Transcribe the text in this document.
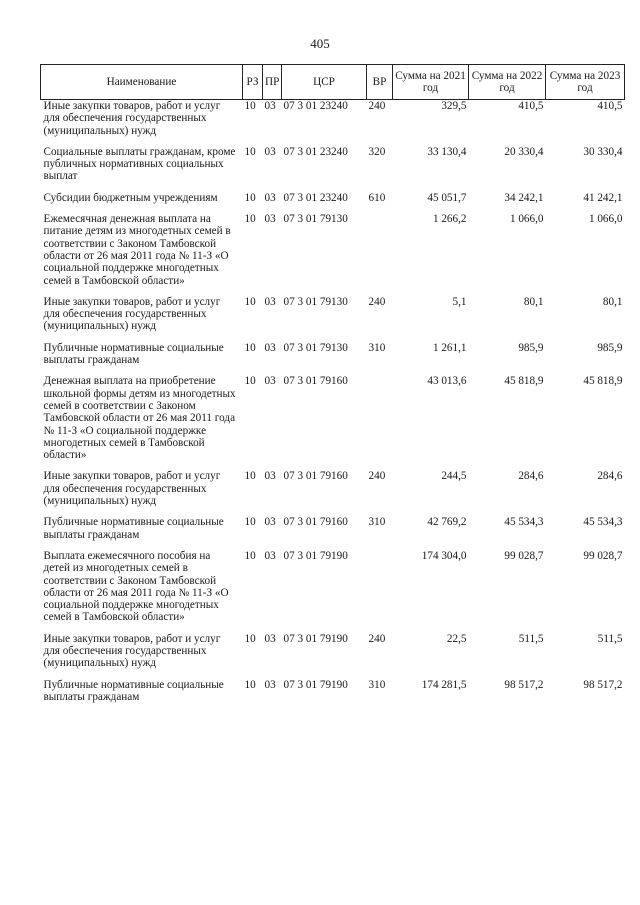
405
Наименование	РЗ	ПР	ЦСР	ВР	Сумма на 2021 год	Сумма на 2022 год	Сумма на 2023 год
Иные закупки товаров, работ и услуг для обеспечения государственных (муниципальных) нужд	10	03	07 3 01 23240	240	329,5	410,5	410,5
Социальные выплаты гражданам, кроме публичных нормативных социальных выплат	10	03	07 3 01 23240	320	33 130,4	20 330,4	30 330,4
Субсидии бюджетным учреждениям	10	03	07 3 01 23240	610	45 051,7	34 242,1	41 242,1
Ежемесячная денежная выплата на питание детям из многодетных семей в соответствии с Законом Тамбовской области от 26 мая 2011 года № 11-З «О социальной поддержке многодетных семей в Тамбовской области»	10	03	07 3 01 79130		1 266,2	1 066,0	1 066,0
Иные закупки товаров, работ и услуг для обеспечения государственных (муниципальных) нужд	10	03	07 3 01 79130	240	5,1	80,1	80,1
Публичные нормативные социальные выплаты гражданам	10	03	07 3 01 79130	310	1 261,1	985,9	985,9
Денежная выплата на приобретение школьной формы детям из многодетных семей в соответствии с Законом Тамбовской области от 26 мая 2011 года № 11-З «О социальной поддержке многодетных семей в Тамбовской области»	10	03	07 3 01 79160		43 013,6	45 818,9	45 818,9
Иные закупки товаров, работ и услуг для обеспечения государственных (муниципальных) нужд	10	03	07 3 01 79160	240	244,5	284,6	284,6
Публичные нормативные социальные выплаты гражданам	10	03	07 3 01 79160	310	42 769,2	45 534,3	45 534,3
Выплата ежемесячного пособия на детей из многодетных семей в соответствии с Законом Тамбовской области от 26 мая 2011 года № 11-З «О социальной поддержке многодетных семей в Тамбовской области»	10	03	07 3 01 79190		174 304,0	99 028,7	99 028,7
Иные закупки товаров, работ и услуг для обеспечения государственных (муниципальных) нужд	10	03	07 3 01 79190	240	22,5	511,5	511,5
Публичные нормативные социальные выплаты гражданам	10	03	07 3 01 79190	310	174 281,5	98 517,2	98 517,2
